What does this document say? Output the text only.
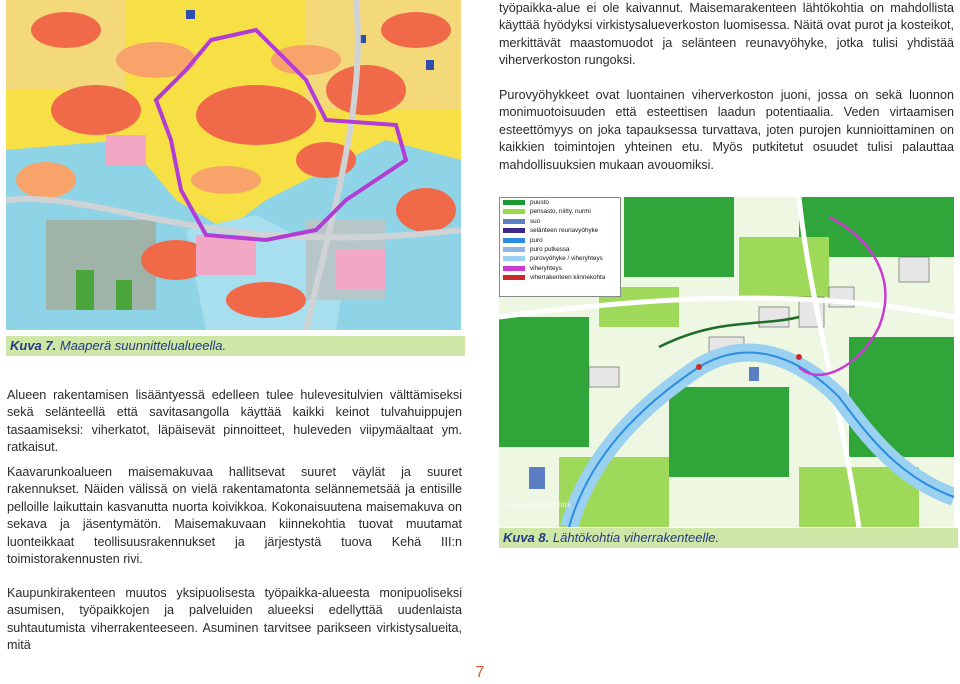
työpaikka-alue ei ole kaivannut. Maisemarakenteen lähtökohtia on mahdollista käyttää hyödyksi virkistysalueverkoston luomisessa. Näitä ovat purot ja kosteikot, merkittävät maastomuodot ja selänteen reunavyöhyke, jotka tulisi yhdistää viherverkoston rungoksi.

Purovyöhykkeet ovat luontainen viherverkoston juoni, jossa on sekä luonnon monimuotoisuuden että esteettisen laadun potentiaalia. Veden virtaamisen esteettömyys on joka tapauksessa turvattava, joten purojen kunnioittaminen on kaikkien toimintojen yhteinen etu. Myös putkitetut osuudet tulisi palauttaa mahdollisuuksien mukaan avouomiksi.

Kuva 7. Maaperä suunnittelualueella.
puusto
pensasto, niitty, nurmi
suo
selänteen reunavyöhyke
puro
puro putkessa
purovyöhyke / viheryhteys
viheryhteys
viherrakenteen kiinnekohta
Kaupunki AM 20.4.2015
Kuva 8. Lähtökohtia viherrakenteelle.

Alueen rakentamisen lisääntyessä edelleen tulee hulevesitulvien välttämiseksi sekä selänteellä että savitasangolla käyttää kaikki keinot tulvahuippujen tasaamiseksi: viherkatot, läpäisevät pinnoitteet, huleveden viipymäaltaat ym. ratkaisut.

Kaavarunkoalueen maisemakuvaa hallitsevat suuret väylät ja suuret rakennukset. Näiden välissä on vielä rakentamatonta selännemetsää ja entisille pelloille laikuttain kasvanutta nuorta koivikkoa. Kokonaisuutena maisemakuva on sekava ja jäsentymätön. Maisemakuvaan kiinnekohtia tuovat muutamat luonteikkaat teollisuusrakennukset ja järjestystä tuova Kehä III:n toimistorakennusten rivi.

Kaupunkirakenteen muutos yksipuolisesta työpaikka-alueesta monipuoliseksi asumisen, työpaikkojen ja palveluiden alueeksi edellyttää uudenlaista suhtautumista viherrakenteeseen. Asuminen tarvitsee parikseen virkistysalueita, mitä

7
